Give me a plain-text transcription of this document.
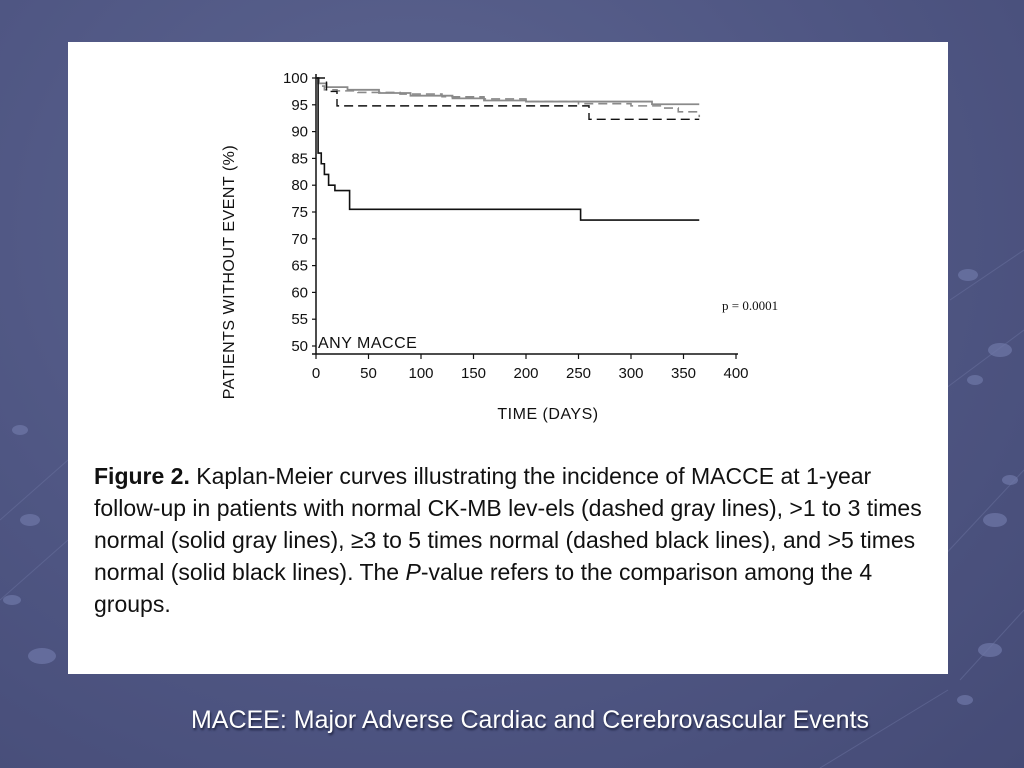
50
55
60
65
70
75
80
85
90
95
100
0	50 100 150 200 250 300 350 400
ANY MACCE
p = 0.0001
PATIENTS WITHOUT EVENT (%)
TIME (DAYS)
Figure 2. Kaplan-Meier curves illustrating the incidence of MACCE at 1-year follow-up in patients with normal CK-MB lev-els (dashed gray lines), >1 to 3 times normal (solid gray lines), ≥3 to 5 times normal (dashed black lines), and >5 times normal (solid black lines). The P-value refers to the comparison among the 4 groups.
MACEE: Major Adverse Cardiac and Cerebrovascular Events
